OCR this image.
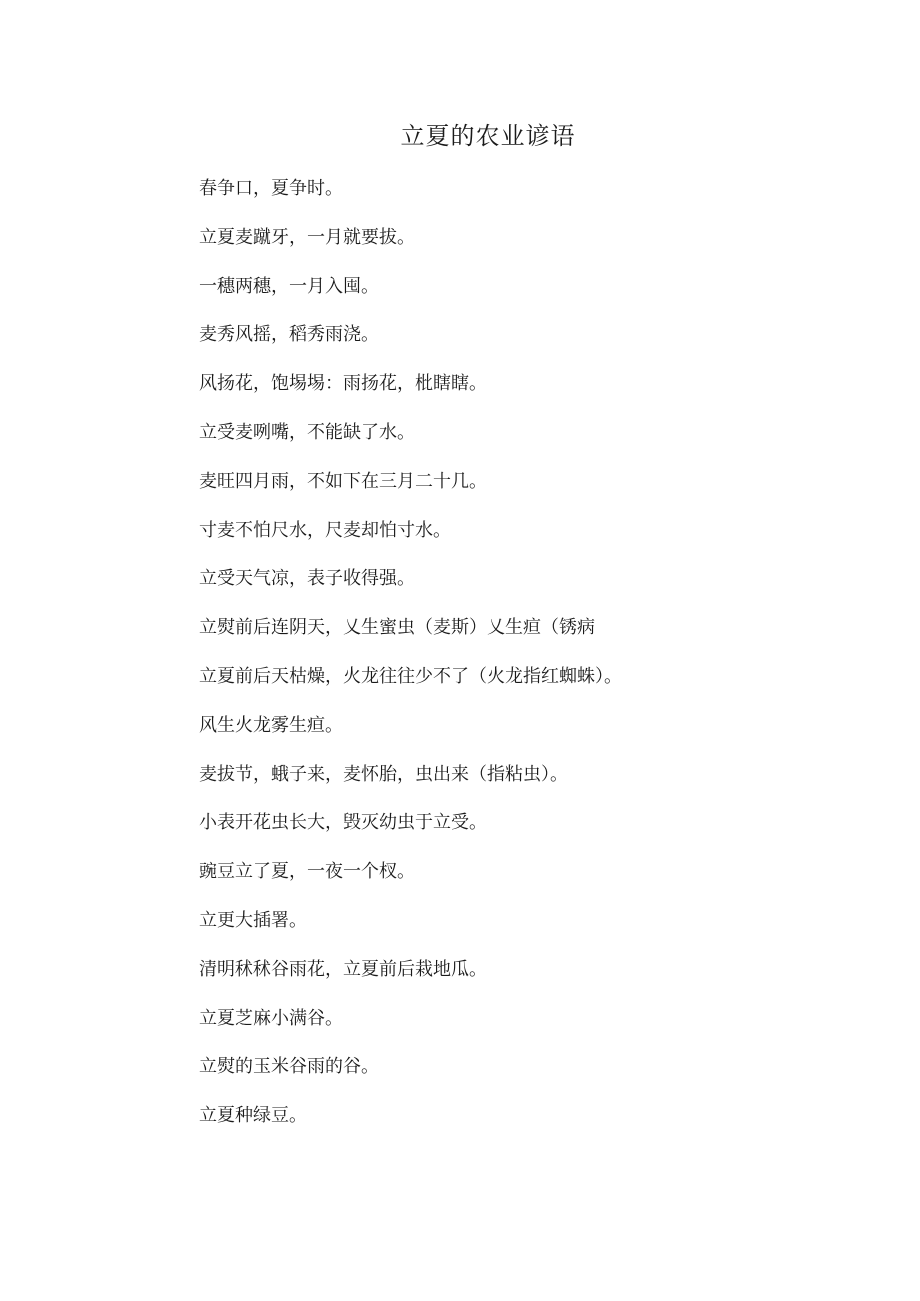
立夏的农业谚语
春争口，夏争时。
立夏麦蹴牙，一月就要拔。
一穗两穗，一月入囤。
麦秀风摇，稻秀雨浇。
风扬花，饱埸埸：雨扬花，枇瞎瞎。
立受麦咧嘴，不能缺了水。
麦旺四月雨，不如下在三月二十几。
寸麦不怕尺水，尺麦却怕寸水。
立受天气凉，表子收得强。
立熨前后连阴天，乂生蜜虫（麦斯）乂生疸（锈病
立夏前后天枯燥，火龙往往少不了（火龙指红蜘蛛）。
风生火龙雾生疸。
麦拔节，蛾子来，麦怀胎，虫出来（指粘虫）。
小表开花虫长大，毁灭幼虫于立受。
豌豆立了夏，一夜一个杈。
立更大插署。
清明秫秫谷雨花，立夏前后栽地瓜。
立夏芝麻小满谷。
立熨的玉米谷雨的谷。
立夏种绿豆。
